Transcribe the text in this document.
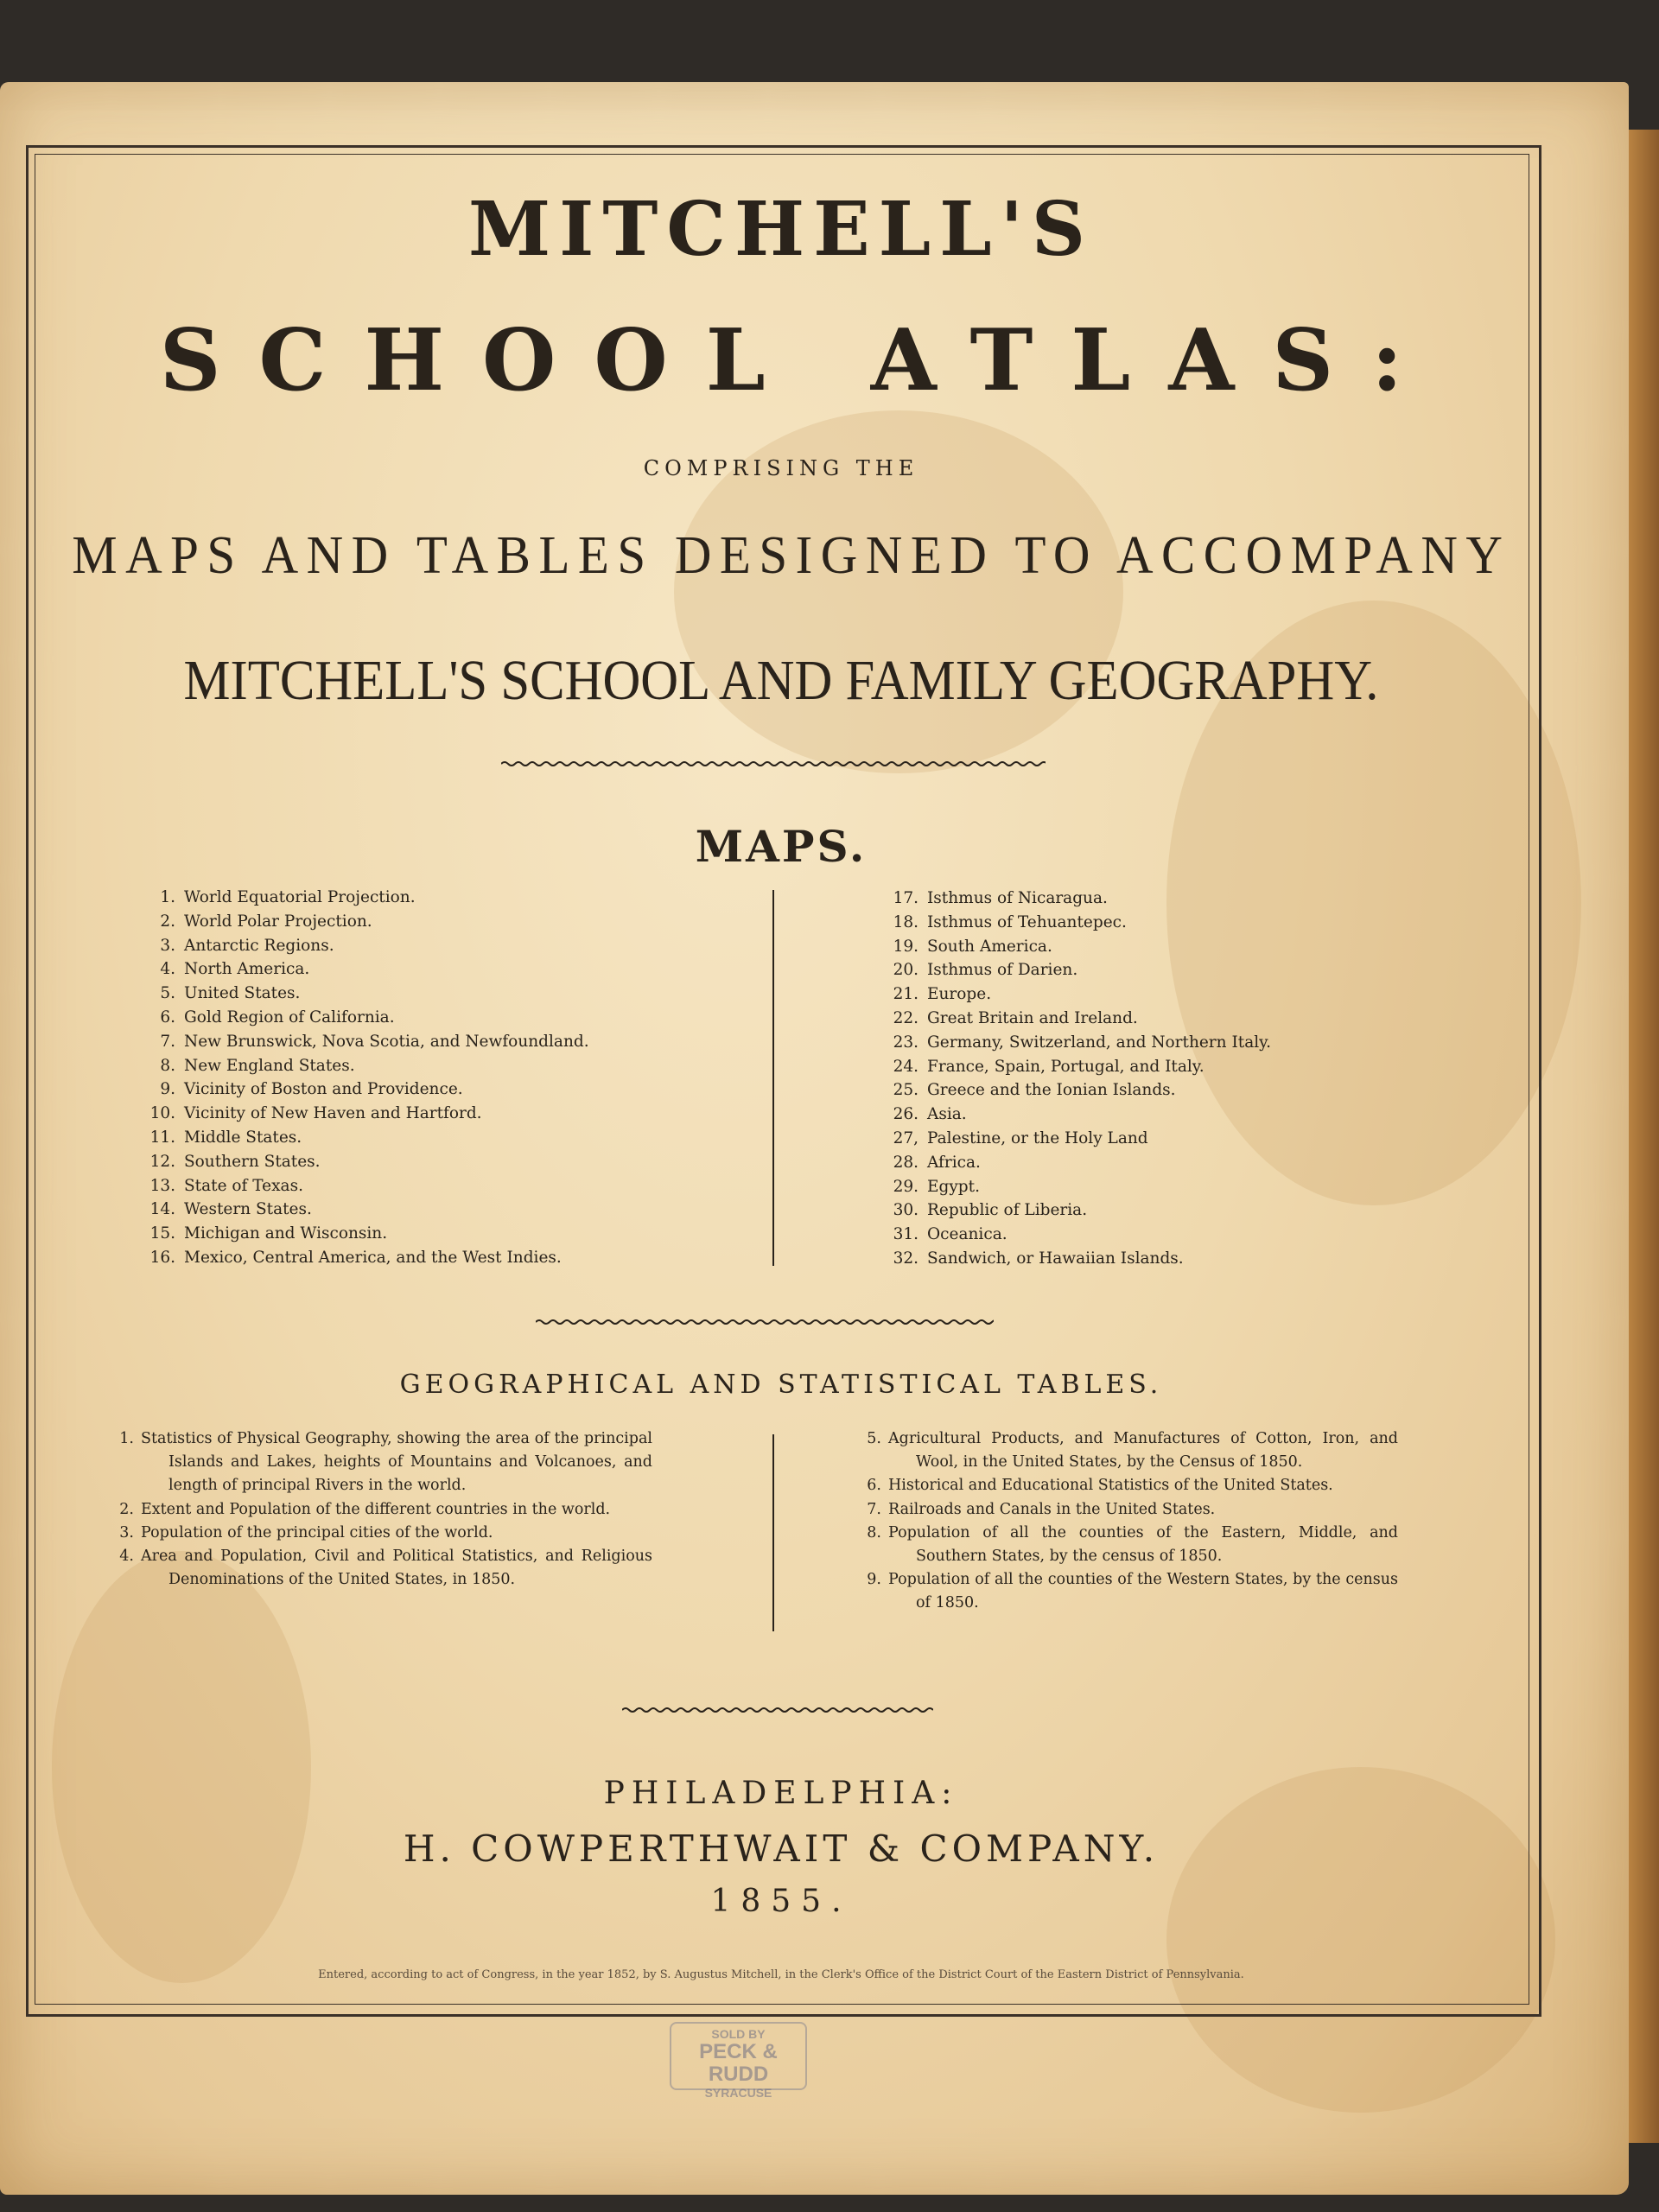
MITCHELL'S
SCHOOL ATLAS:
COMPRISING THE
MAPS AND TABLES DESIGNED TO ACCOMPANY
MITCHELL'S SCHOOL AND FAMILY GEOGRAPHY.
MAPS.
1. World Equatorial Projection.
2. World Polar Projection.
3. Antarctic Regions.
4. North America.
5. United States.
6. Gold Region of California.
7. New Brunswick, Nova Scotia, and Newfoundland.
8. New England States.
9. Vicinity of Boston and Providence.
10. Vicinity of New Haven and Hartford.
11. Middle States.
12. Southern States.
13. State of Texas.
14. Western States.
15. Michigan and Wisconsin.
16. Mexico, Central America, and the West Indies.
17. Isthmus of Nicaragua.
18. Isthmus of Tehuantepec.
19. South America.
20. Isthmus of Darien.
21. Europe.
22. Great Britain and Ireland.
23. Germany, Switzerland, and Northern Italy.
24. France, Spain, Portugal, and Italy.
25. Greece and the Ionian Islands.
26. Asia.
27, Palestine, or the Holy Land
28. Africa.
29. Egypt.
30. Republic of Liberia.
31. Oceanica.
32. Sandwich, or Hawaiian Islands.
GEOGRAPHICAL AND STATISTICAL TABLES.
1. Statistics of Physical Geography, showing the area of the principal Islands and Lakes, heights of Mountains and Volcanoes, and length of principal Rivers in the world.
2. Extent and Population of the different countries in the world.
3. Population of the principal cities of the world.
4. Area and Population, Civil and Political Statistics, and Religious Denominations of the United States, in 1850.
5. Agricultural Products, and Manufactures of Cotton, Iron, and Wool, in the United States, by the Census of 1850.
6. Historical and Educational Statistics of the United States.
7. Railroads and Canals in the United States.
8. Population of all the counties of the Eastern, Middle, and Southern States, by the census of 1850.
9. Population of all the counties of the Western States, by the census of 1850.
PHILADELPHIA:
H. COWPERTHWAIT & COMPANY.
1855.
Entered, according to act of Congress, in the year 1852, by S. Augustus Mitchell, in the Clerk's Office of the District Court of the Eastern District of Pennsylvania.
SOLD BY
PECK & RUDD
SYRACUSE
